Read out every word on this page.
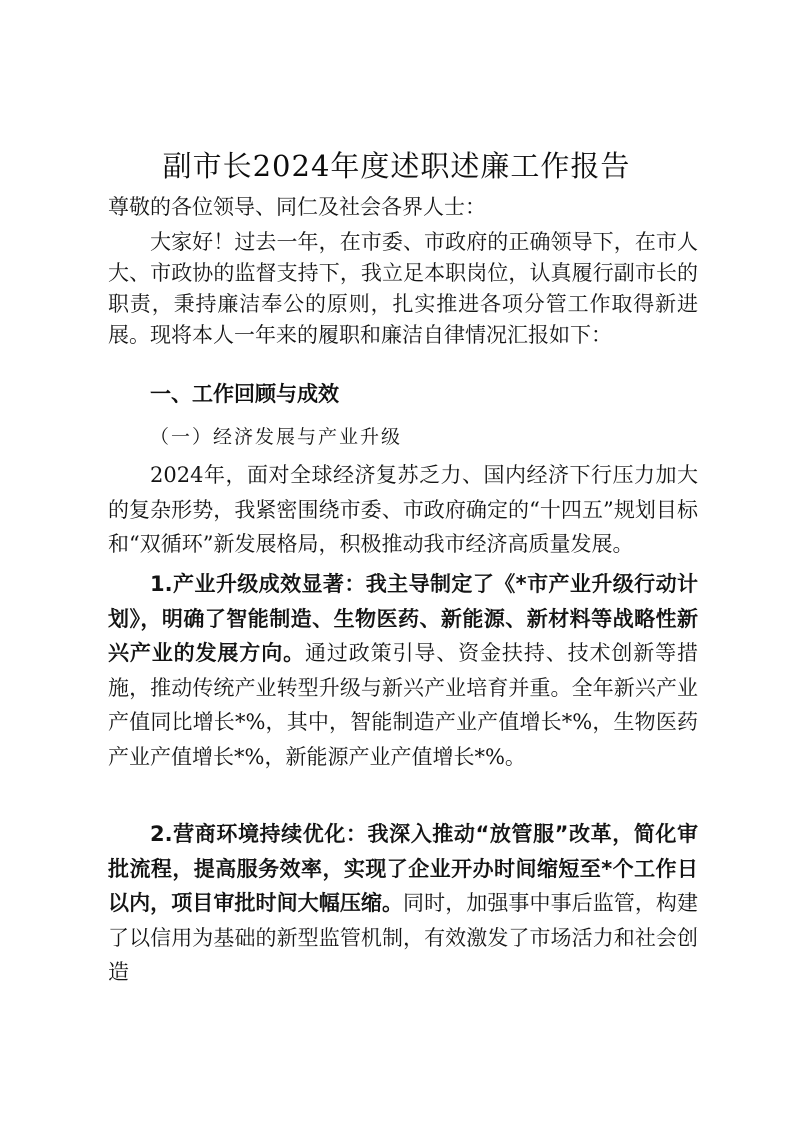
副市长2024年度述职述廉工作报告
尊敬的各位领导、同仁及社会各界人士：
大家好！过去一年，在市委、市政府的正确领导下，在市人大、市政协的监督支持下，我立足本职岗位，认真履行副市长的职责，秉持廉洁奉公的原则，扎实推进各项分管工作取得新进展。现将本人一年来的履职和廉洁自律情况汇报如下：
一、工作回顾与成效
（一）经济发展与产业升级
2024年，面对全球经济复苏乏力、国内经济下行压力加大的复杂形势，我紧密围绕市委、市政府确定的“十四五”规划目标和“双循环”新发展格局，积极推动我市经济高质量发展。
1.产业升级成效显著：我主导制定了《*市产业升级行动计划》，明确了智能制造、生物医药、新能源、新材料等战略性新兴产业的发展方向。通过政策引导、资金扶持、技术创新等措施，推动传统产业转型升级与新兴产业培育并重。全年新兴产业产值同比增长*%，其中，智能制造产业产值增长*%，生物医药产业产值增长*%，新能源产业产值增长*%。
2.营商环境持续优化：我深入推动“放管服”改革，简化审批流程，提高服务效率，实现了企业开办时间缩短至*个工作日以内，项目审批时间大幅压缩。同时，加强事中事后监管，构建了以信用为基础的新型监管机制，有效激发了市场活力和社会创造
